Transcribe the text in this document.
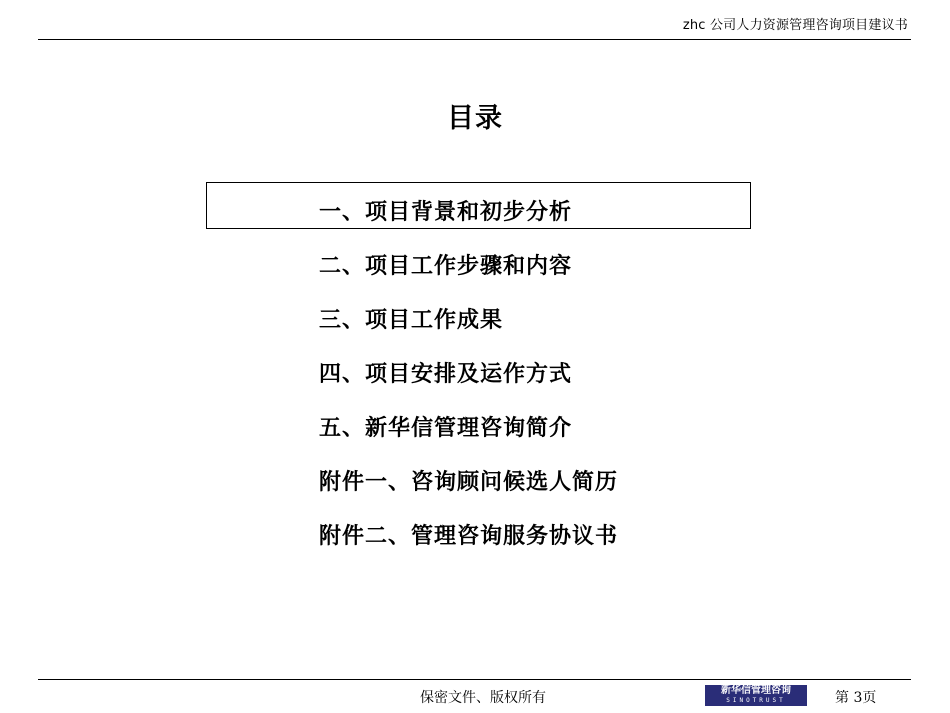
zhc 公司人力资源管理咨询项目建议书
目录
一、项目背景和初步分析
二、项目工作步骤和内容
三、项目工作成果
四、项目安排及运作方式
五、新华信管理咨询简介
附件一、咨询顾问候选人简历
附件二、管理咨询服务协议书
保密文件、版权所有	新华信管理咨询
SINOTRUST	第 3页
